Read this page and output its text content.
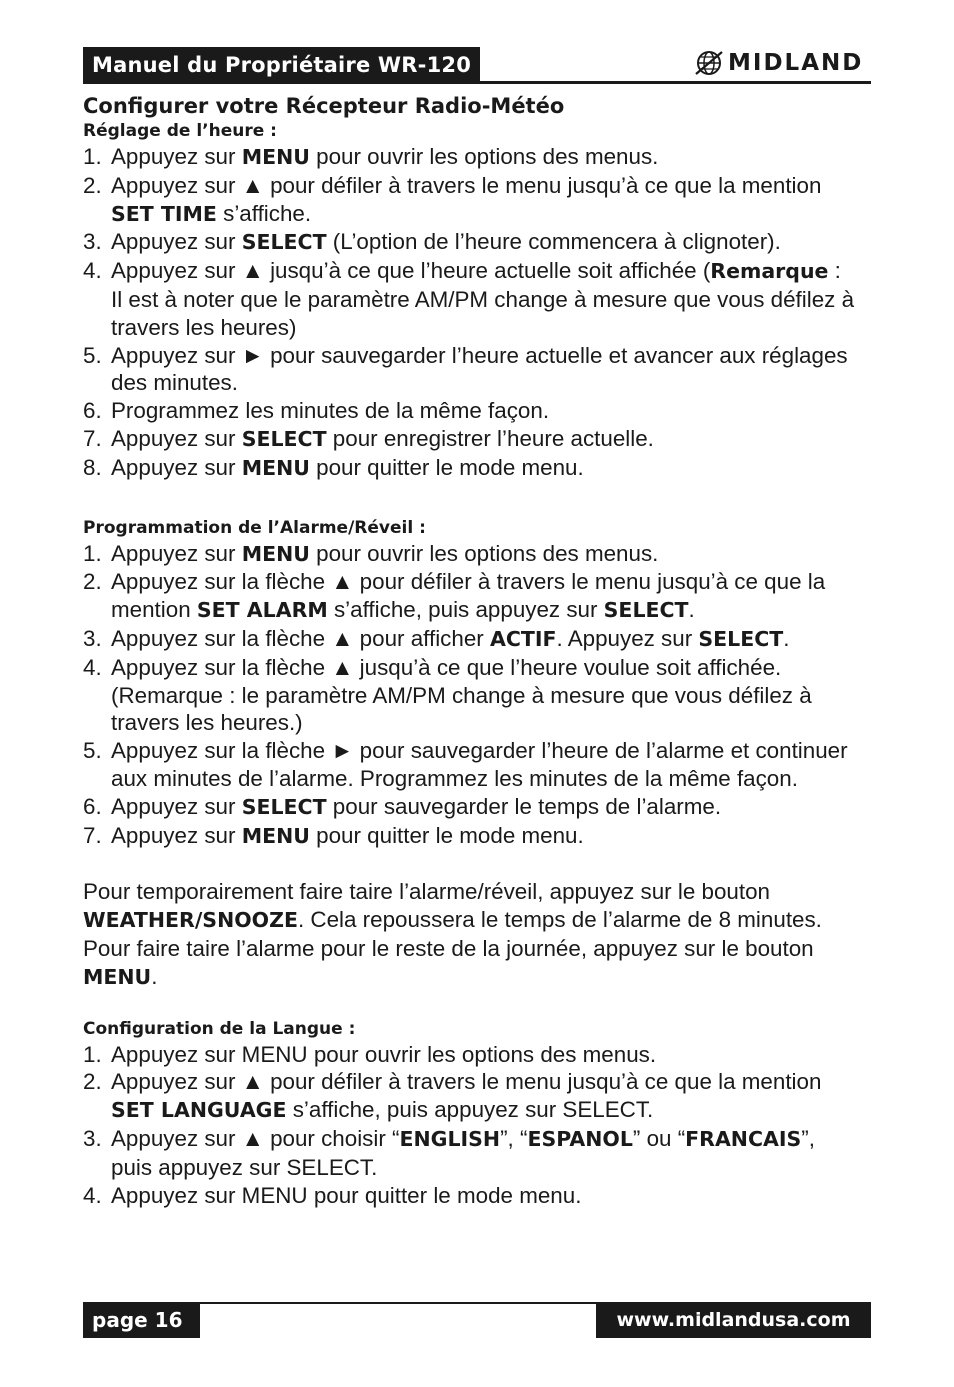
Manuel du Propriétaire WR-120	MIDLAND
Configurer votre Récepteur Radio-Météo
Réglage de l’heure :
1. Appuyez sur MENU pour ouvrir les options des menus.
2. Appuyez sur ▲ pour défiler à travers le menu jusqu’à ce que la mention SET TIME s’affiche.
3. Appuyez sur SELECT (L’option de l’heure commencera à clignoter).
4. Appuyez sur ▲ jusqu’à ce que l’heure actuelle soit affichée (Remarque : Il est à noter que le paramètre AM/PM change à mesure que vous défilez à travers les heures)
5. Appuyez sur ► pour sauvegarder l’heure actuelle et avancer aux réglages des minutes.
6. Programmez les minutes de la même façon.
7. Appuyez sur SELECT pour enregistrer l’heure actuelle.
8. Appuyez sur MENU pour quitter le mode menu.
Programmation de l’Alarme/Réveil :
1. Appuyez sur MENU pour ouvrir les options des menus.
2. Appuyez sur la flèche ▲ pour défiler à travers le menu jusqu’à ce que la mention SET ALARM s’affiche, puis appuyez sur SELECT.
3. Appuyez sur la flèche ▲ pour afficher ACTIF. Appuyez sur SELECT.
4. Appuyez sur la flèche ▲ jusqu’à ce que l’heure voulue soit affichée. (Remarque : le paramètre AM/PM change à mesure que vous défilez à travers les heures.)
5. Appuyez sur la flèche ► pour sauvegarder l’heure de l’alarme et continuer aux minutes de l’alarme. Programmez les minutes de la même façon.
6. Appuyez sur SELECT pour sauvegarder le temps de l’alarme.
7. Appuyez sur MENU pour quitter le mode menu.

Pour temporairement faire taire l’alarme/réveil, appuyez sur le bouton WEATHER/SNOOZE. Cela repoussera le temps de l’alarme de 8 minutes. Pour faire taire l’alarme pour le reste de la journée, appuyez sur le bouton MENU.

Configuration de la Langue :
1. Appuyez sur MENU pour ouvrir les options des menus.
2. Appuyez sur ▲ pour défiler à travers le menu jusqu’à ce que la mention SET LANGUAGE s’affiche, puis appuyez sur SELECT.
3. Appuyez sur ▲ pour choisir “ENGLISH”, “ESPANOL” ou “FRANCAIS”, puis appuyez sur SELECT.
4. Appuyez sur MENU pour quitter le mode menu.
page 16	www.midlandusa.com
